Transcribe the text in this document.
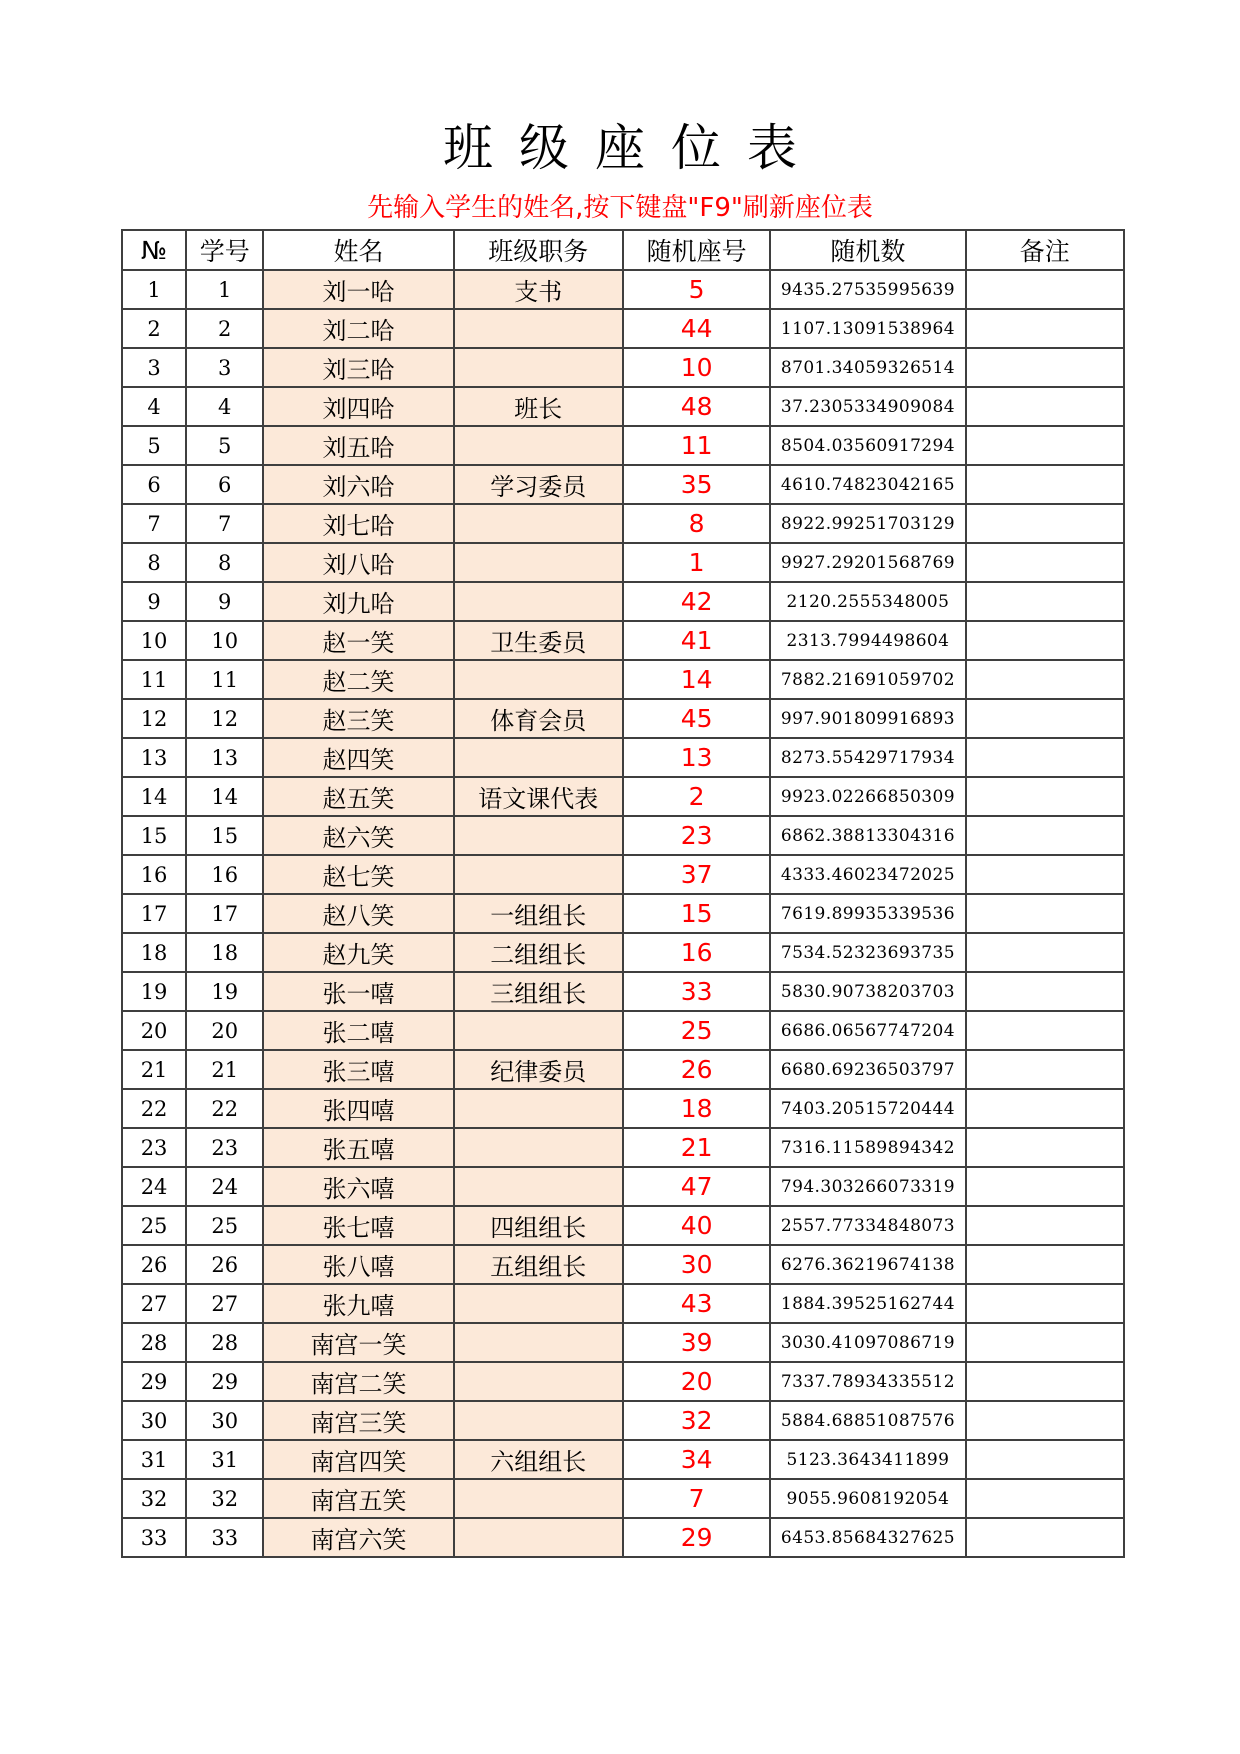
班级座位表
先输入学生的姓名,按下键盘"F9"刷新座位表
№	学号	姓名	班级职务	随机座号	随机数	备注
1	1	刘一哈	支书	5	9435.27535995639	
2	2	刘二哈		44	1107.13091538964	
3	3	刘三哈		10	8701.34059326514	
4	4	刘四哈	班长	48	37.2305334909084	
5	5	刘五哈		11	8504.03560917294	
6	6	刘六哈	学习委员	35	4610.74823042165	
7	7	刘七哈		8	8922.99251703129	
8	8	刘八哈		1	9927.29201568769	
9	9	刘九哈		42	2120.2555348005	
10	10	赵一笑	卫生委员	41	2313.7994498604	
11	11	赵二笑		14	7882.21691059702	
12	12	赵三笑	体育会员	45	997.901809916893	
13	13	赵四笑		13	8273.55429717934	
14	14	赵五笑	语文课代表	2	9923.02266850309	
15	15	赵六笑		23	6862.38813304316	
16	16	赵七笑		37	4333.46023472025	
17	17	赵八笑	一组组长	15	7619.89935339536	
18	18	赵九笑	二组组长	16	7534.52323693735	
19	19	张一嘻	三组组长	33	5830.90738203703	
20	20	张二嘻		25	6686.06567747204	
21	21	张三嘻	纪律委员	26	6680.69236503797	
22	22	张四嘻		18	7403.20515720444	
23	23	张五嘻		21	7316.11589894342	
24	24	张六嘻		47	794.303266073319	
25	25	张七嘻	四组组长	40	2557.77334848073	
26	26	张八嘻	五组组长	30	6276.36219674138	
27	27	张九嘻		43	1884.39525162744	
28	28	南宫一笑		39	3030.41097086719	
29	29	南宫二笑		20	7337.78934335512	
30	30	南宫三笑		32	5884.68851087576	
31	31	南宫四笑	六组组长	34	5123.3643411899	
32	32	南宫五笑		7	9055.9608192054	
33	33	南宫六笑		29	6453.85684327625	
